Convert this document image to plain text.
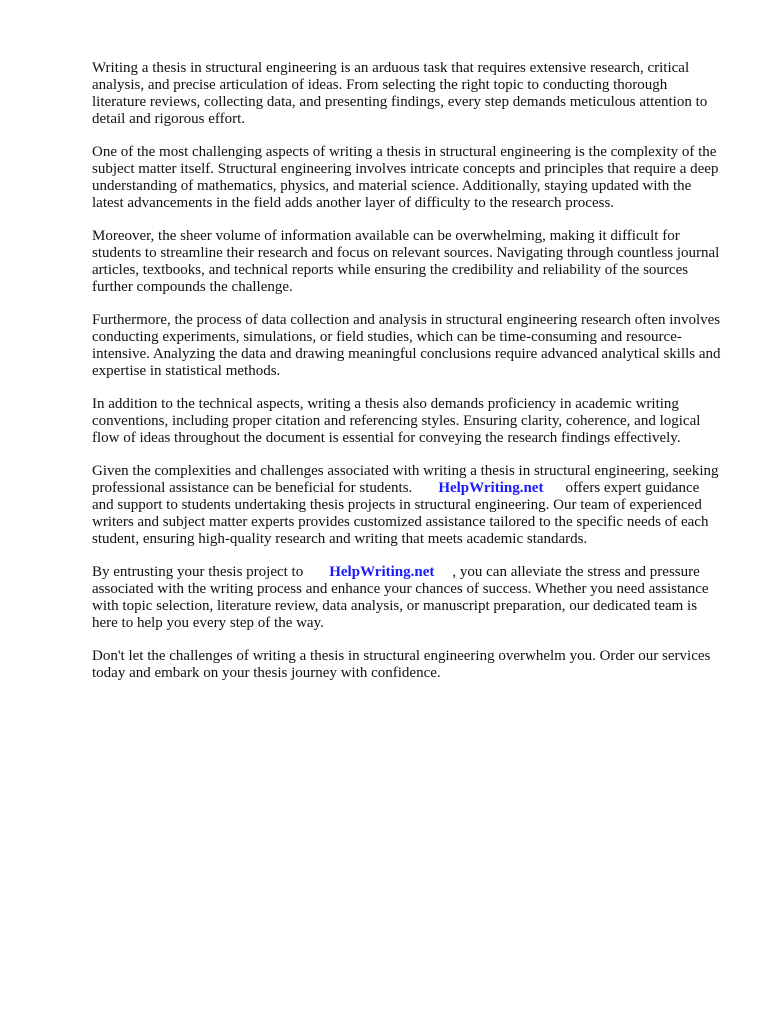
Writing a thesis in structural engineering is an arduous task that requires extensive research, critical analysis, and precise articulation of ideas. From selecting the right topic to conducting thorough literature reviews, collecting data, and presenting findings, every step demands meticulous attention to detail and rigorous effort.

One of the most challenging aspects of writing a thesis in structural engineering is the complexity of the subject matter itself. Structural engineering involves intricate concepts and principles that require a deep understanding of mathematics, physics, and material science. Additionally, staying updated with the latest advancements in the field adds another layer of difficulty to the research process.

Moreover, the sheer volume of information available can be overwhelming, making it difficult for students to streamline their research and focus on relevant sources. Navigating through countless journal articles, textbooks, and technical reports while ensuring the credibility and reliability of the sources further compounds the challenge.

Furthermore, the process of data collection and analysis in structural engineering research often involves conducting experiments, simulations, or field studies, which can be time-consuming and resource-intensive. Analyzing the data and drawing meaningful conclusions require advanced analytical skills and expertise in statistical methods.

In addition to the technical aspects, writing a thesis also demands proficiency in academic writing conventions, including proper citation and referencing styles. Ensuring clarity, coherence, and logical flow of ideas throughout the document is essential for conveying the research findings effectively.

Given the complexities and challenges associated with writing a thesis in structural engineering, seeking professional assistance can be beneficial for students. HelpWriting.net offers expert guidance and support to students undertaking thesis projects in structural engineering. Our team of experienced writers and subject matter experts provides customized assistance tailored to the specific needs of each student, ensuring high-quality research and writing that meets academic standards.

By entrusting your thesis project to HelpWriting.net , you can alleviate the stress and pressure associated with the writing process and enhance your chances of success. Whether you need assistance with topic selection, literature review, data analysis, or manuscript preparation, our dedicated team is here to help you every step of the way.

Don't let the challenges of writing a thesis in structural engineering overwhelm you. Order our services today and embark on your thesis journey with confidence.
